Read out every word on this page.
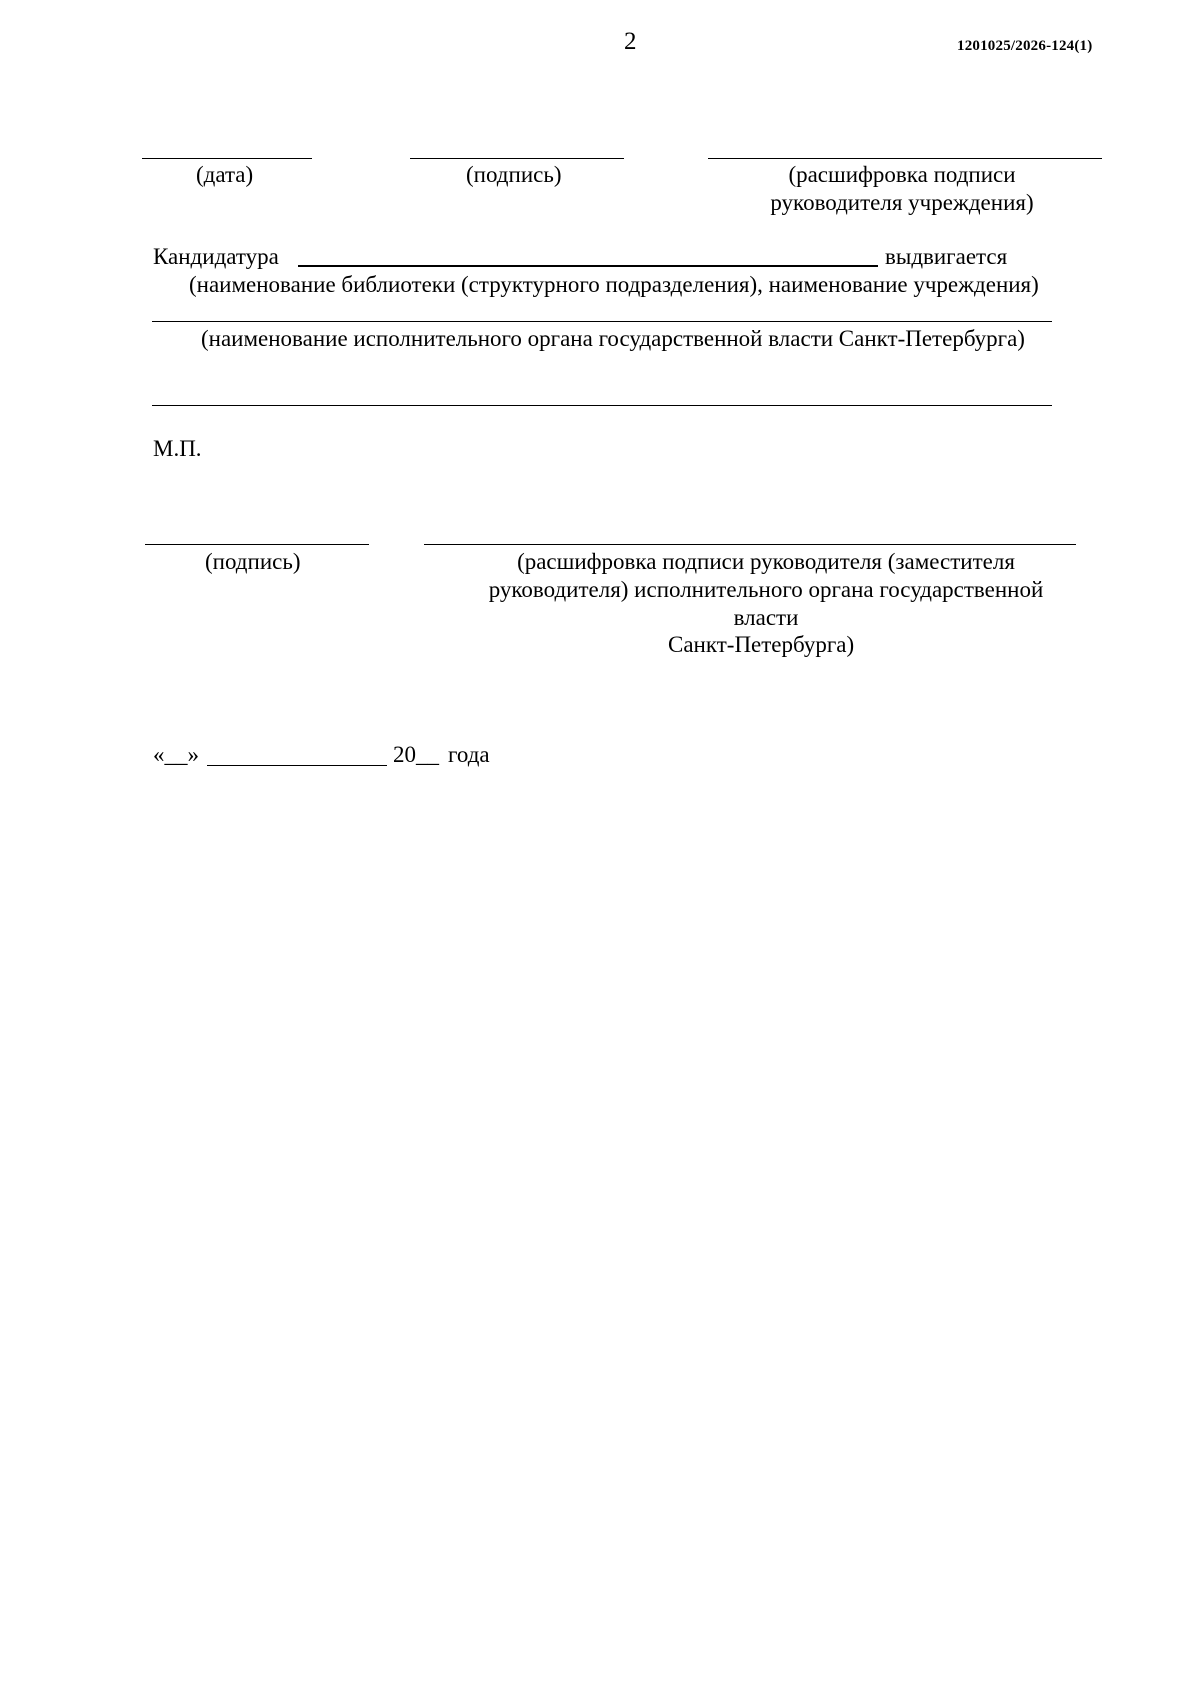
2	1201025/2026-124(1)
(дата)	(подпись)	(расшифровка подписи руководителя учреждения)
Кандидатура	выдвигается
(наименование библиотеки (структурного подразделения), наименование учреждения)
(наименование исполнительного органа государственной власти Санкт-Петербурга)
М.П.
(подпись)	(расшифровка подписи руководителя (заместителя руководителя) исполнительного органа государственной власти
Санкт-Петербурга)
«__»	20__ года
